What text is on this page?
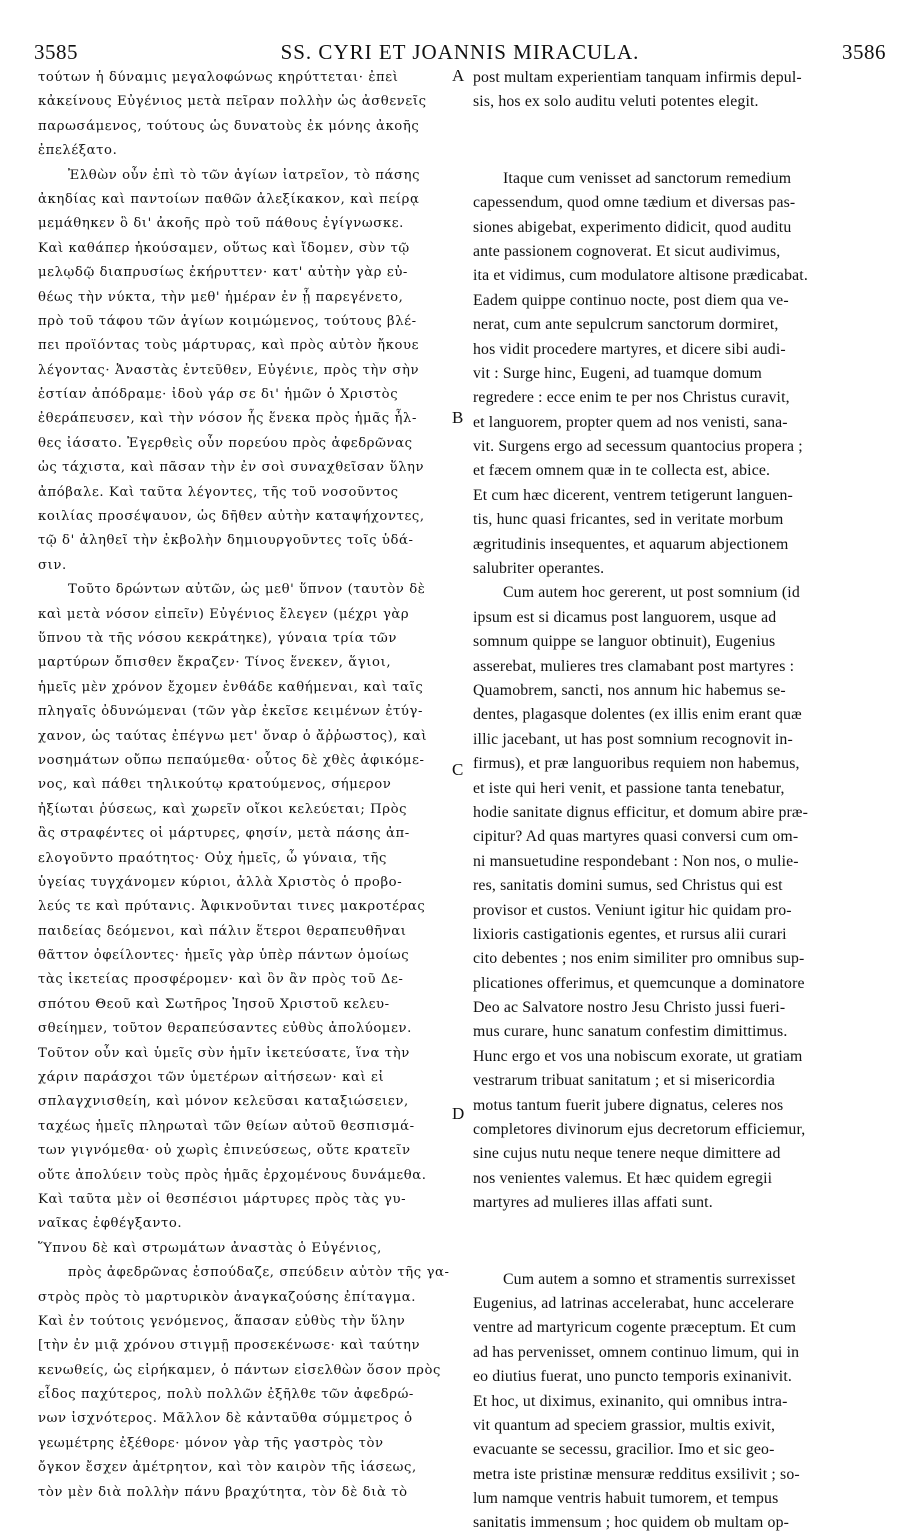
3585	SS. CYRI ET JOANNIS MIRACULA.	3586

τούτων ἡ δύναμις μεγαλοφώνως κηρύττεται· ἐπεὶ

κἀκείνους Εὐγένιος μετὰ πεῖραν πολλὴν ὡς ἀσθενεῖς

παρωσάμενος, τούτους ὡς δυνατοὺς ἐκ μόνης ἀκοῆς

ἐπελέξατο.

Ἐλθὼν οὖν ἐπὶ τὸ τῶν ἁγίων ἰατρεῖον, τὸ πάσης

ἀκηδίας καὶ παντοίων παθῶν ἀλεξίκακον, καὶ πείρᾳ

μεμάθηκεν ὃ δι' ἀκοῆς πρὸ τοῦ πάθους ἐγίγνωσκε.

Καὶ καθάπερ ἠκούσαμεν, οὕτως καὶ ἴδομεν, σὺν τῷ

μελῳδῷ διαπρυσίως ἐκήρυττεν· κατ' αὐτὴν γὰρ εὐ-

θέως τὴν νύκτα, τὴν μεθ' ἡμέραν ἐν ᾗ παρεγένετο,

πρὸ τοῦ τάφου τῶν ἁγίων κοιμώμενος, τούτους βλέ-

πει προϊόντας τοὺς μάρτυρας, καὶ πρὸς αὐτὸν ἤκουε

λέγοντας· Ἀναστὰς ἐντεῦθεν, Εὐγένιε, πρὸς τὴν σὴν

ἑστίαν ἀπόδραμε· ἰδοὺ γάρ σε δι' ἡμῶν ὁ Χριστὸς

ἐθεράπευσεν, καὶ τὴν νόσον ἧς ἕνεκα πρὸς ἡμᾶς ἦλ-

θες ἰάσατο. Ἐγερθεὶς οὖν πορεύου πρὸς ἀφεδρῶνας

ὡς τάχιστα, καὶ πᾶσαν τὴν ἐν σοὶ συναχθεῖσαν ὕλην

ἀπόβαλε. Καὶ ταῦτα λέγοντες, τῆς τοῦ νοσοῦντος

κοιλίας προσέψαυον, ὡς δῆθεν αὐτὴν καταψήχοντες,

τῷ δ' ἀληθεῖ τὴν ἐκβολὴν δημιουργοῦντες τοῖς ὑδά-

σιν.

Τοῦτο δρώντων αὐτῶν, ὡς μεθ' ὕπνον (ταυτὸν δὲ

καὶ μετὰ νόσον εἰπεῖν) Εὐγένιος ἔλεγεν (μέχρι γὰρ

ὕπνου τὰ τῆς νόσου κεκράτηκε), γύναια τρία τῶν

μαρτύρων ὄπισθεν ἔκραζεν· Τίνος ἕνεκεν, ἅγιοι,

ἡμεῖς μὲν χρόνον ἔχομεν ἐνθάδε καθήμεναι, καὶ ταῖς

πληγαῖς ὀδυνώμεναι (τῶν γὰρ ἐκεῖσε κειμένων ἐτύγ-

χανον, ὡς ταύτας ἐπέγνω μετ' ὄναρ ὁ ἄῤῥωστος), καὶ

νοσημάτων οὔπω πεπαύμεθα· οὗτος δὲ χθὲς ἀφικόμε-

νος, καὶ πάθει τηλικούτῳ κρατούμενος, σήμερον

ἠξίωται ῥύσεως, καὶ χωρεῖν οἴκοι κελεύεται; Πρὸς

ἃς στραφέντες οἱ μάρτυρες, φησίν, μετὰ πάσης ἀπ-

ελογοῦντο πραότητος· Οὐχ ἡμεῖς, ὦ γύναια, τῆς

ὑγείας τυγχάνομεν κύριοι, ἀλλὰ Χριστὸς ὁ προβο-

λεύς τε καὶ πρύτανις. Ἀφικνοῦνται τινες μακροτέρας

παιδείας δεόμενοι, καὶ πάλιν ἕτεροι θεραπευθῆναι

θᾶττον ὀφείλοντες· ἡμεῖς γὰρ ὑπὲρ πάντων ὁμοίως

τὰς ἱκετείας προσφέρομεν· καὶ ὃν ἂν πρὸς τοῦ Δε-

σπότου Θεοῦ καὶ Σωτῆρος Ἰησοῦ Χριστοῦ κελευ-

σθείημεν, τοῦτον θεραπεύσαντες εὐθὺς ἀπολύομεν.

Τοῦτον οὖν καὶ ὑμεῖς σὺν ἡμῖν ἱκετεύσατε, ἵνα τὴν

χάριν παράσχοι τῶν ὑμετέρων αἰτήσεων· καὶ εἰ

σπλαγχνισθείη, καὶ μόνον κελεῦσαι καταξιώσειεν,

ταχέως ἡμεῖς πληρωταὶ τῶν θείων αὐτοῦ θεσπισμά-

των γιγνόμεθα· οὐ χωρὶς ἐπινεύσεως, οὔτε κρατεῖν

οὔτε ἀπολύειν τοὺς πρὸς ἡμᾶς ἐρχομένους δυνάμεθα.

Καὶ ταῦτα μὲν οἱ θεσπέσιοι μάρτυρες πρὸς τὰς γυ-

ναῖκας ἐφθέγξαντο.

Ὕπνου δὲ καὶ στρωμάτων ἀναστὰς ὁ Εὐγένιος,

πρὸς ἀφεδρῶνας ἐσπούδαζε, σπεύδειν αὐτὸν τῆς γα-

στρὸς πρὸς τὸ μαρτυρικὸν ἀναγκαζούσης ἐπίταγμα.

Καὶ ἐν τούτοις γενόμενος, ἅπασαν εὐθὺς τὴν ὕλην

[τὴν ἐν μιᾷ χρόνου στιγμῇ προσεκένωσε· καὶ ταύτην

κενωθείς, ὡς εἰρήκαμεν, ὁ πάντων εἰσελθὼν ὅσον πρὸς

εἶδος παχύτερος, πολὺ πολλῶν ἐξῆλθε τῶν ἀφεδρώ-

νων ἰσχνότερος. Μᾶλλον δὲ κἀνταῦθα σύμμετρος ὁ

γεωμέτρης ἐξέθορε· μόνον γὰρ τῆς γαστρὸς τὸν

ὄγκον ἔσχεν ἀμέτρητον, καὶ τὸν καιρὸν τῆς ἰάσεως,

τὸν μὲν διὰ πολλὴν πάνυ βραχύτητα, τὸν δὲ διὰ τὸ

A
B
C
D

post multam experientiam tanquam infirmis depul-

sis, hos ex solo auditu veluti potentes elegit.

Itaque cum venisset ad sanctorum remedium

capessendum, quod omne tædium et diversas pas-

siones abigebat, experimento didicit, quod auditu

ante passionem cognoverat. Et sicut audivimus,

ita et vidimus, cum modulatore altisone prædicabat.

Eadem quippe continuo nocte, post diem qua ve-

nerat, cum ante sepulcrum sanctorum dormiret,

hos vidit procedere martyres, et dicere sibi audi-

vit : Surge hinc, Eugeni, ad tuamque domum

regredere : ecce enim te per nos Christus curavit,

et languorem, propter quem ad nos venisti, sana-

vit. Surgens ergo ad secessum quantocius propera ;

et fæcem omnem quæ in te collecta est, abice.

Et cum hæc dicerent, ventrem tetigerunt languen-

tis, hunc quasi fricantes, sed in veritate morbum

ægritudinis insequentes, et aquarum abjectionem

salubriter operantes.

Cum autem hoc gererent, ut post somnium (id

ipsum est si dicamus post languorem, usque ad

somnum quippe se languor obtinuit), Eugenius

asserebat, mulieres tres clamabant post martyres :

Quamobrem, sancti, nos annum hic habemus se-

dentes, plagasque dolentes (ex illis enim erant quæ

illic jacebant, ut has post somnium recognovit in-

firmus), et præ languoribus requiem non habemus,

et iste qui heri venit, et passione tanta tenebatur,

hodie sanitate dignus efficitur, et domum abire præ-

cipitur? Ad quas martyres quasi conversi cum om-

ni mansuetudine respondebant : Non nos, o mulie-

res, sanitatis domini sumus, sed Christus qui est

provisor et custos. Veniunt igitur hic quidam pro-

lixioris castigationis egentes, et rursus alii curari

cito debentes ; nos enim similiter pro omnibus sup-

plicationes offerimus, et quemcunque a dominatore

Deo ac Salvatore nostro Jesu Christo jussi fueri-

mus curare, hunc sanatum confestim dimittimus.

Hunc ergo et vos una nobiscum exorate, ut gratiam

vestrarum tribuat sanitatum ; et si misericordia

motus tantum fuerit jubere dignatus, celeres nos

completores divinorum ejus decretorum efficiemur,

sine cujus nutu neque tenere neque dimittere ad

nos venientes valemus. Et hæc quidem egregii

martyres ad mulieres illas affati sunt.

Cum autem a somno et stramentis surrexisset

Eugenius, ad latrinas accelerabat, hunc accelerare

ventre ad martyricum cogente præceptum. Et cum

ad has pervenisset, omnem continuo limum, qui in

eo diutius fuerat, uno puncto temporis exinanivit.

Et hoc, ut diximus, exinanito, qui omnibus intra-

vit quantum ad speciem grassior, multis exivit,

evacuante se secessu, gracilior. Imo et sic geo-

metra iste pristinæ mensuræ redditus exsilivit ; so-

lum namque ventris habuit tumorem, et tempus

sanitatis immensum ; hoc quidem ob multam op-
